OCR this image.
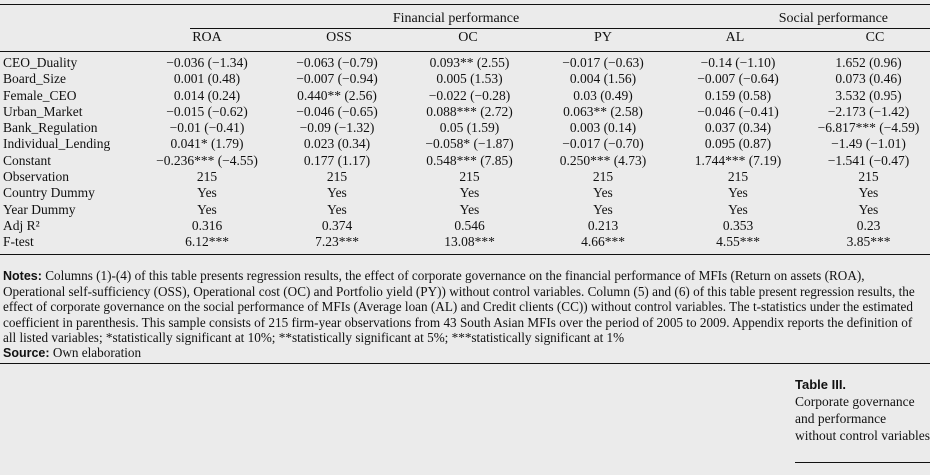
Financial performance	Social performance
ROA	OSS	OC	PY	AL	CC
CEO_Duality	−0.036 (−1.34)	−0.063 (−0.79)	0.093** (2.55)	−0.017 (−0.63)	−0.14 (−1.10)	1.652 (0.96)
Board_Size	0.001 (0.48)	−0.007 (−0.94)	0.005 (1.53)	0.004 (1.56)	−0.007 (−0.64)	0.073 (0.46)
Female_CEO	0.014 (0.24)	0.440** (2.56)	−0.022 (−0.28)	0.03 (0.49)	0.159 (0.58)	3.532 (0.95)
Urban_Market	−0.015 (−0.62)	−0.046 (−0.65)	0.088*** (2.72)	0.063** (2.58)	−0.046 (−0.41)	−2.173 (−1.42)
Bank_Regulation	−0.01 (−0.41)	−0.09 (−1.32)	0.05 (1.59)	0.003 (0.14)	0.037 (0.34)	−6.817*** (−4.59)
Individual_Lending	0.041* (1.79)	0.023 (0.34)	−0.058* (−1.87)	−0.017 (−0.70)	0.095 (0.87)	−1.49 (−1.01)
Constant	−0.236*** (−4.55)	0.177 (1.17)	0.548*** (7.85)	0.250*** (4.73)	1.744*** (7.19)	−1.541 (−0.47)
Observation	215	215	215	215	215	215
Country Dummy	Yes	Yes	Yes	Yes	Yes	Yes
Year Dummy	Yes	Yes	Yes	Yes	Yes	Yes
Adj R²	0.316	0.374	0.546	0.213	0.353	0.23
F-test	6.12***	7.23***	13.08***	4.66***	4.55***	3.85***
Notes: Columns (1)-(4) of this table presents regression results, the effect of corporate governance on the financial performance of MFIs (Return on assets (ROA), Operational self-sufficiency (OSS), Operational cost (OC) and Portfolio yield (PY)) without control variables. Column (5) and (6) of this table present regression results, the effect of corporate governance on the social performance of MFIs (Average loan (AL) and Credit clients (CC)) without control variables. The t-statistics under the estimated coefficient in parenthesis. This sample consists of 215 firm-year observations from 43 South Asian MFIs over the period of 2005 to 2009. Appendix reports the definition of all listed variables; *statistically significant at 10%; **statistically significant at 5%; ***statistically significant at 1%
Source: Own elaboration
Table III.
Corporate governance and performance without control variables
